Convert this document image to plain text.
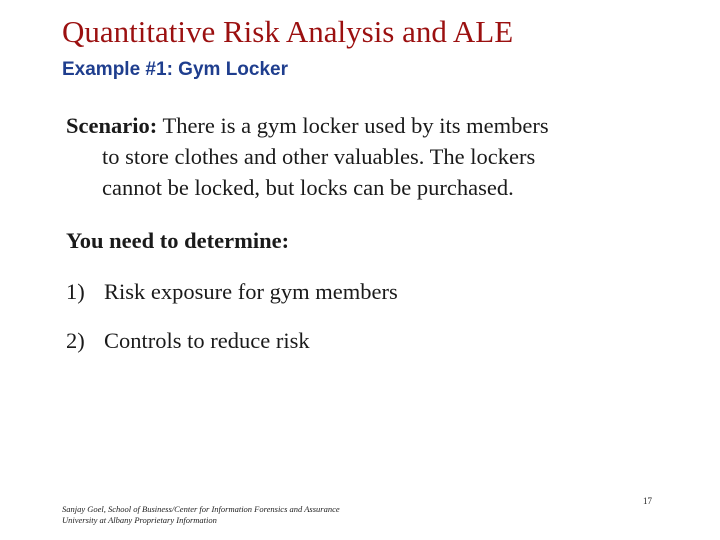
Quantitative Risk Analysis and ALE
Example #1: Gym Locker
Scenario: There is a gym locker used by its members
to store clothes and other valuables. The lockers
cannot be locked, but locks can be purchased.
You need to determine:
1) Risk exposure for gym members
2) Controls to reduce risk
Sanjay Goel, School of Business/Center for Information Forensics and Assurance
University at Albany Proprietary Information
17
